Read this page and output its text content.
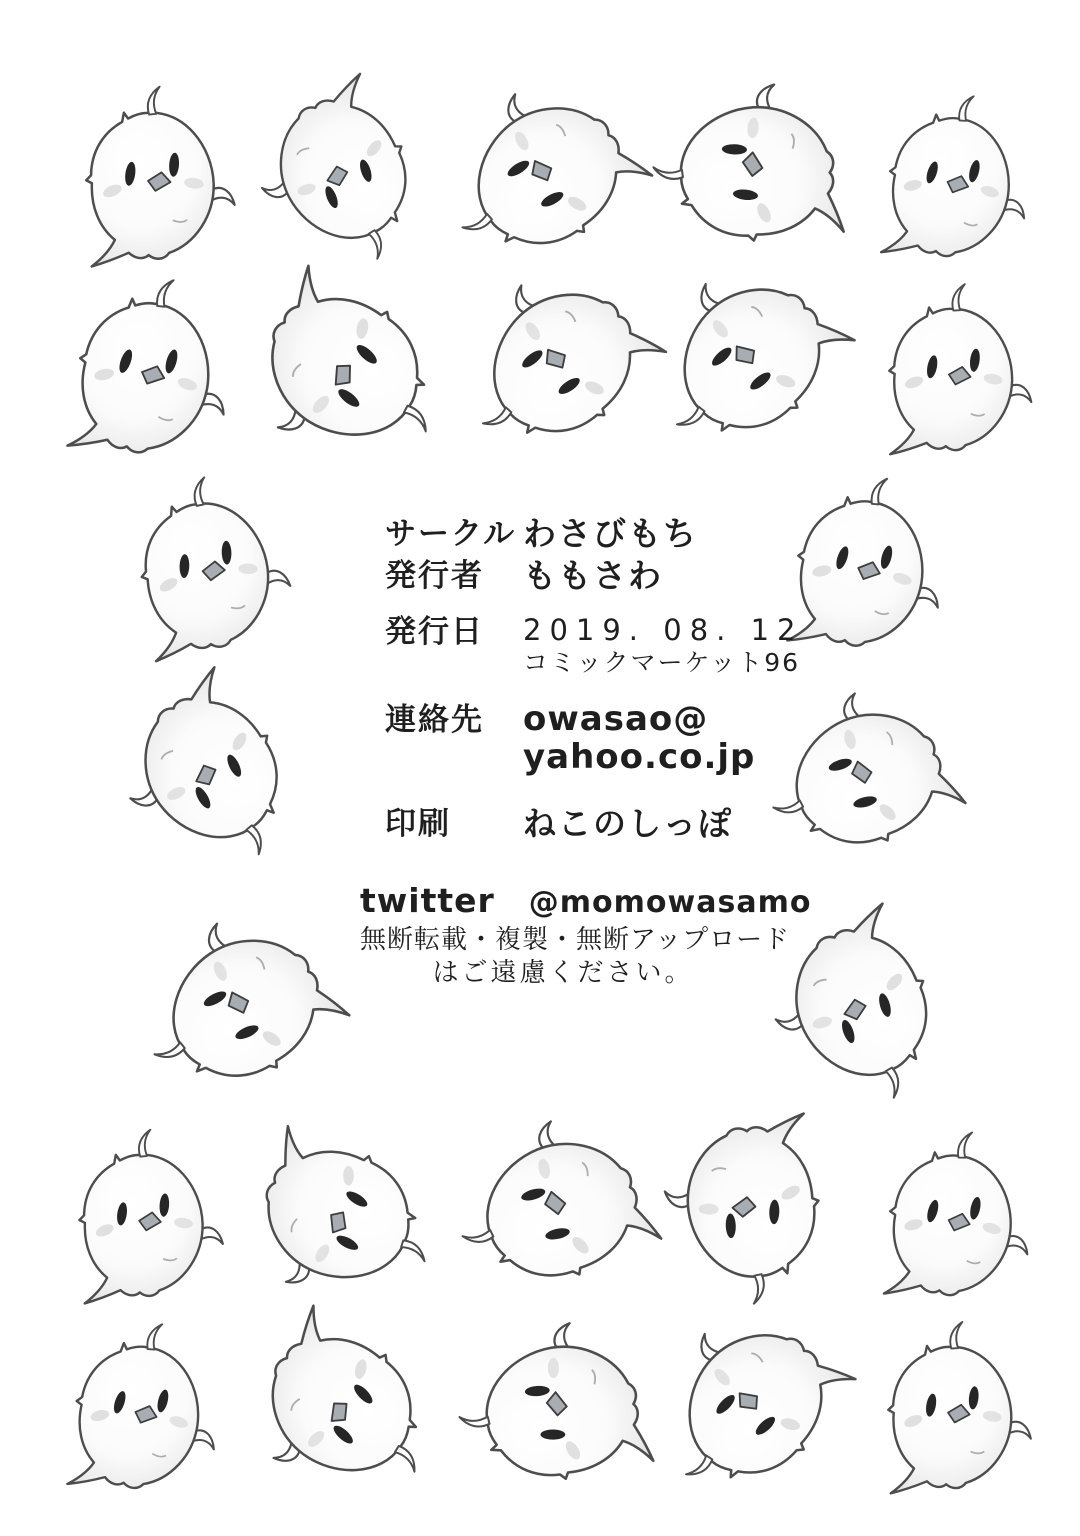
サークル わさびもち
発行者	ももさわ
発行日	2019. 08. 12
コミックマーケット96
連絡先	owasao@
yahoo.co.jp
印刷	ねこのしっぽ
twitter @momowasamo
無断転載・複製・無断アップロード
はご遠慮ください。
